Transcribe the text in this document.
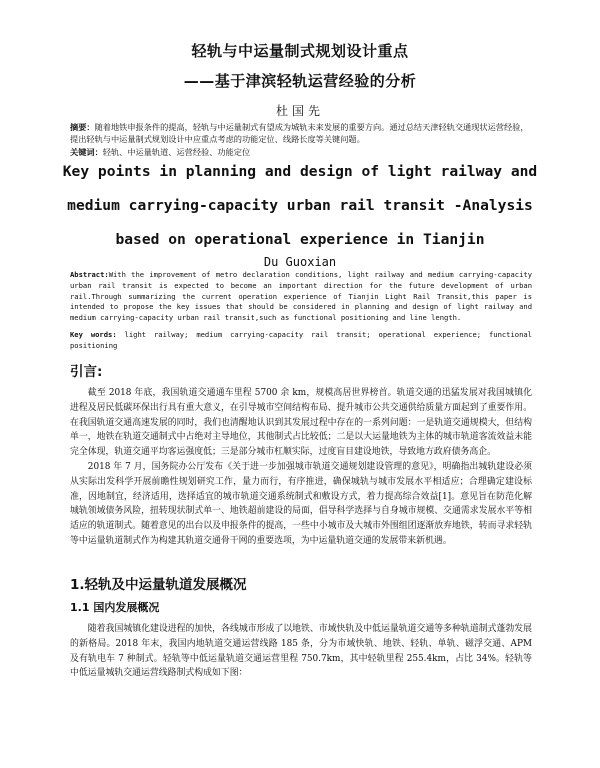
轻轨与中运量制式规划设计重点
——基于津滨轻轨运营经验的分析
杜国先
摘要：随着地铁申报条件的提高，轻轨与中运量制式有望成为城轨未来发展的重要方向。通过总结天津轻轨交通现状运营经验，提出轻轨与中运量制式规划设计中应重点考虑的功能定位、线路长度等关键问题。
关键词：轻轨、中运量轨道、运营经验、功能定位
Key points in planning and design of light railway and medium carrying-capacity urban rail transit -Analysis based on operational experience in Tianjin
Du Guoxian
Abstract:With the improvement of metro declaration conditions, light railway and medium carrying-capacity urban rail transit is expected to become an important direction for the future development of urban rail.Through summarizing the current operation experience of Tianjin Light Rail Transit,this paper is intended to propose the key issues that should be considered in planning and design of light railway and medium carrying-capacity urban rail transit,such as functional positioning and line length.
Key words: light railway; medium carrying-capacity rail transit; operational experience; functional positioning
引言:

截至 2018 年底，我国轨道交通通车里程 5700 余 km，规模高居世界榜首。轨道交通的迅猛发展对我国城镇化进程及居民低碳环保出行具有重大意义，在引导城市空间结构布局、提升城市公共交通供给质量方面起到了重要作用。在我国轨道交通高速发展的同时，我们也清醒地认识到其发展过程中存在的一系列问题：一是轨道交通规模大，但结构单一，地铁在轨道交通制式中占绝对主导地位，其他制式占比较低；二是以大运量地铁为主体的城市轨道客流效益未能完全体现，轨道交通平均客运强度低；三是部分城市杠顺实际，过度盲目建设地铁，导致地方政府债务高企。

2018 年 7 月，国务院办公厅发布《关于进一步加强城市轨道交通规划建设管理的意见》，明确指出城轨建设必须从实际出发科学开展前瞻性规划研究工作，量力而行，有序推进，确保城轨与城市发展水平相适应；合理确定建设标准，因地制宜，经济适用，选择适宜的城市轨道交通系统制式和敷设方式，着力提高综合效益[1]。意见旨在防范化解城轨领域债务风险，扭转现状制式单一、地铁超前建设的局面，倡导科学选择与自身城市规模、交通需求发展水平等相适应的轨道制式。随着意见的出台以及申报条件的提高，一些中小城市及大城市外围组团逐渐放弃地铁，转而寻求轻轨等中运量轨道制式作为构建其轨道交通骨干网的重要选项，为中运量轨道交通的发展带来新机遇。

1.轻轨及中运量轨道发展概况
1.1 国内发展概况

随着我国城镇化建设进程的加快，各线城市形成了以地铁、市域快轨及中低运量轨道交通等多种轨道制式蓬勃发展的新格局。2018 年末，我国内地轨道交通运营线路 185 条，分为市域快轨、地铁、轻轨、单轨、磁浮交通、APM 及有轨电车 7 种制式。轻轨等中低运量轨道交通运营里程 750.7km，其中轻轨里程 255.4km，占比 34%。轻轨等中低运量城轨交通运营线路制式构成如下图：
